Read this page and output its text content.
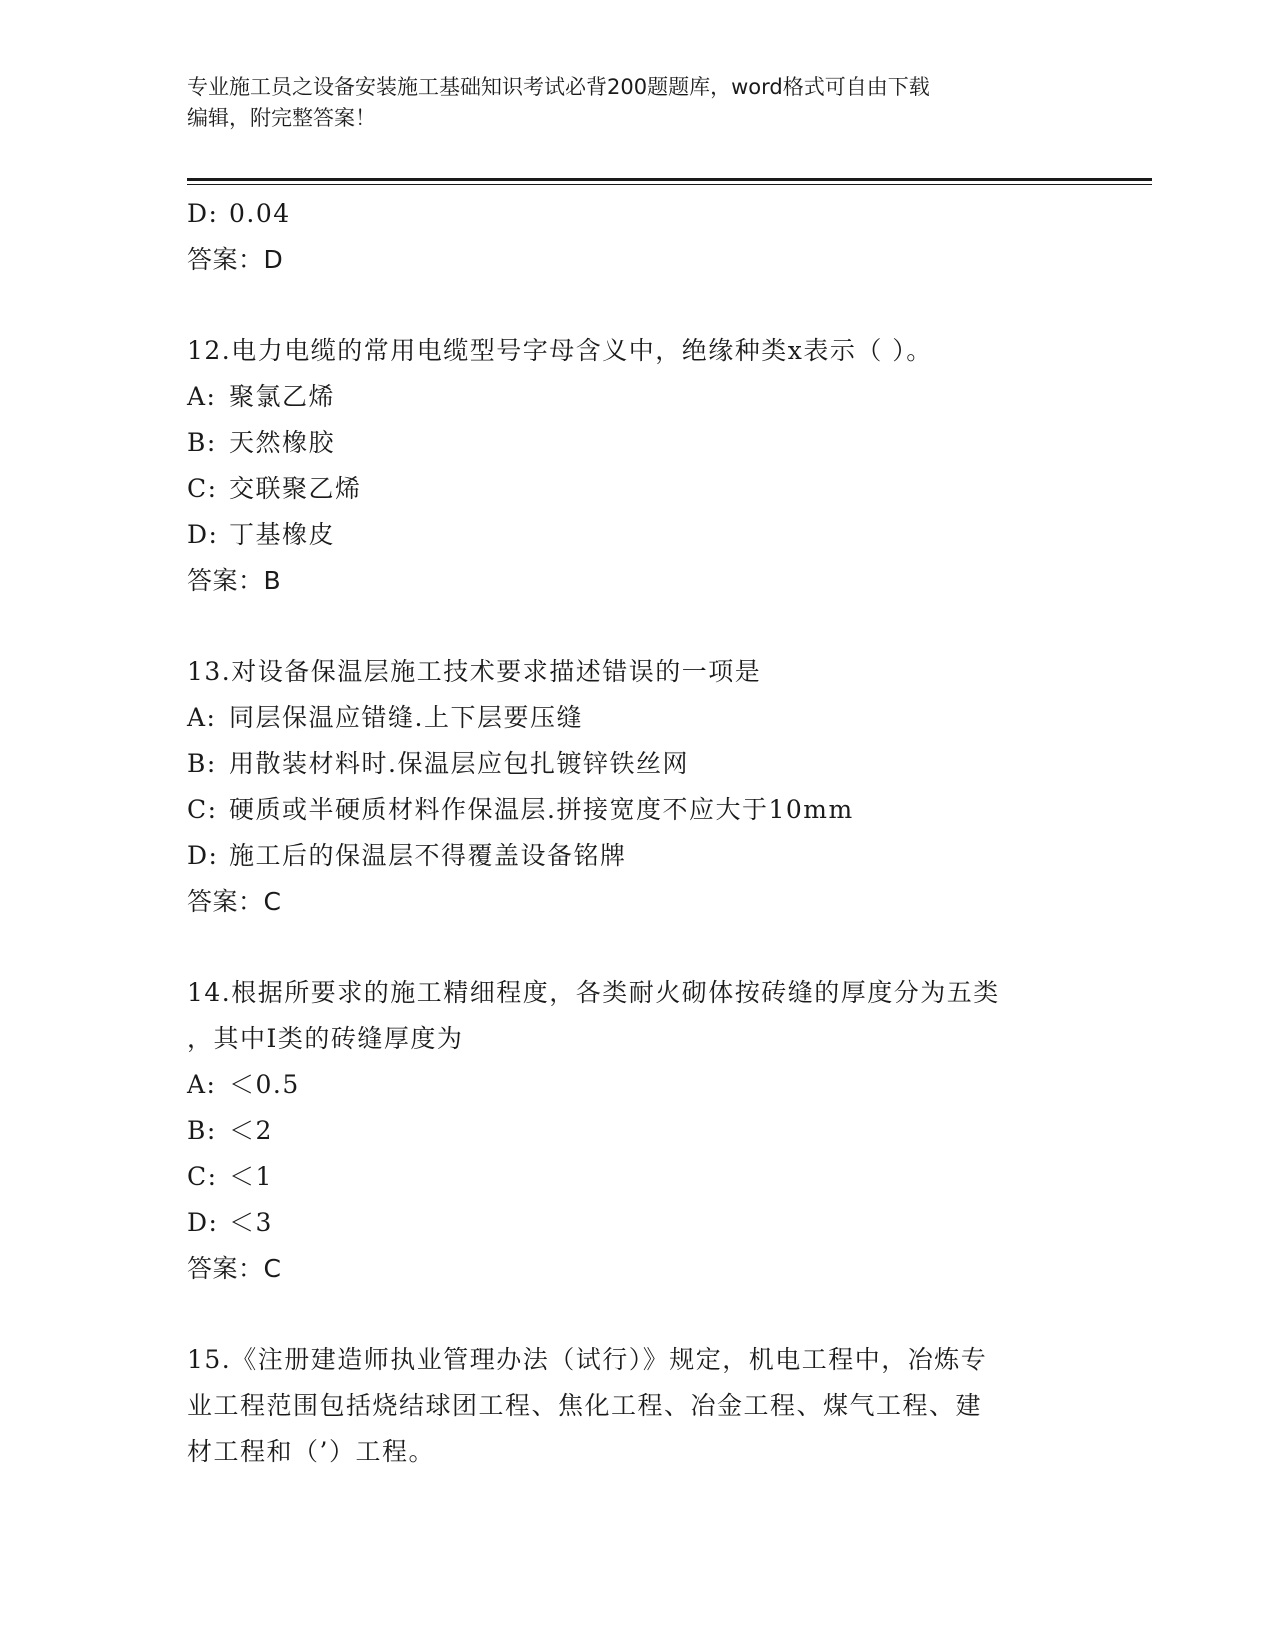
专业施工员之设备安装施工基础知识考试必背200题题库，word格式可自由下载
编辑，附完整答案！
D: 0.04
答案：D
12.电力电缆的常用电缆型号字母含义中，绝缘种类x表示（ ）。
A: 聚氯乙烯
B: 天然橡胶
C: 交联聚乙烯
D: 丁基橡皮
答案：B
13.对设备保温层施工技术要求描述错误的一项是
A: 同层保温应错缝.上下层要压缝
B: 用散装材料时.保温层应包扎镀锌铁丝网
C: 硬质或半硬质材料作保温层.拼接宽度不应大于10mm
D: 施工后的保温层不得覆盖设备铭牌
答案：C
14.根据所要求的施工精细程度，各类耐火砌体按砖缝的厚度分为五类
，其中I类的砖缝厚度为
A: ＜0.5
B: ＜2
C: ＜1
D: ＜3
答案：C
15.《注册建造师执业管理办法（试行）》规定，机电工程中，冶炼专
业工程范围包括烧结球团工程、焦化工程、冶金工程、煤气工程、建
材工程和（’）工程。
